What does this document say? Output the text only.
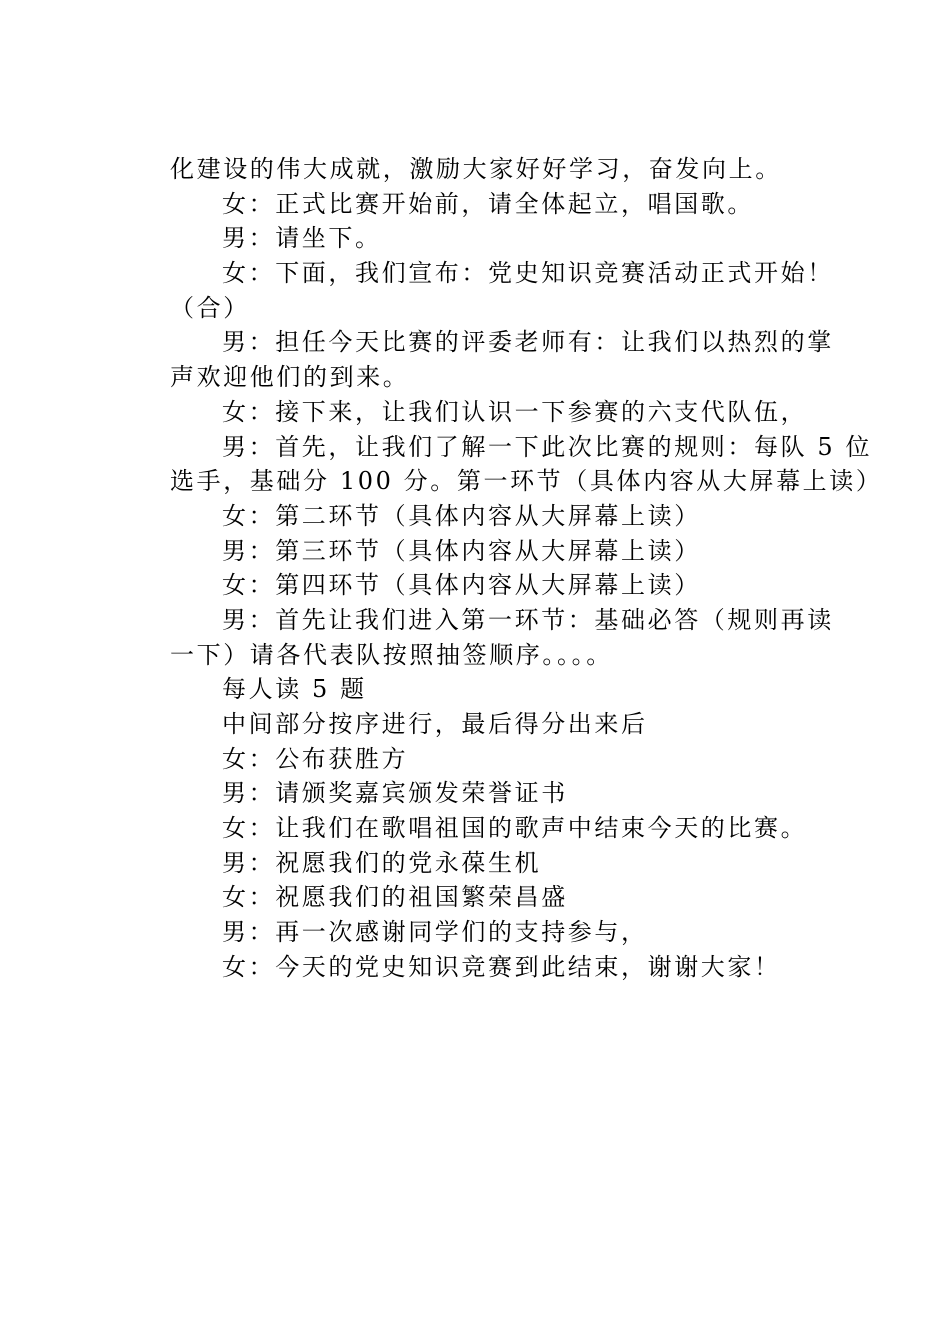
化建设的伟大成就，激励大家好好学习，奋发向上。
女：正式比赛开始前，请全体起立，唱国歌。
男：请坐下。
女：下面，我们宣布：党史知识竞赛活动正式开始！
（合）
男：担任今天比赛的评委老师有：让我们以热烈的掌
声欢迎他们的到来。
女：接下来，让我们认识一下参赛的六支代队伍，
男：首先，让我们了解一下此次比赛的规则：每队 5 位
选手，基础分 100 分。第一环节（具体内容从大屏幕上读）
女：第二环节（具体内容从大屏幕上读）
男：第三环节（具体内容从大屏幕上读）
女：第四环节（具体内容从大屏幕上读）
男：首先让我们进入第一环节：基础必答（规则再读
一下）请各代表队按照抽签顺序。。。。
每人读 5 题
中间部分按序进行，最后得分出来后
女：公布获胜方
男：请颁奖嘉宾颁发荣誉证书
女：让我们在歌唱祖国的歌声中结束今天的比赛。
男：祝愿我们的党永葆生机
女：祝愿我们的祖国繁荣昌盛
男：再一次感谢同学们的支持参与，
女：今天的党史知识竞赛到此结束，谢谢大家！
